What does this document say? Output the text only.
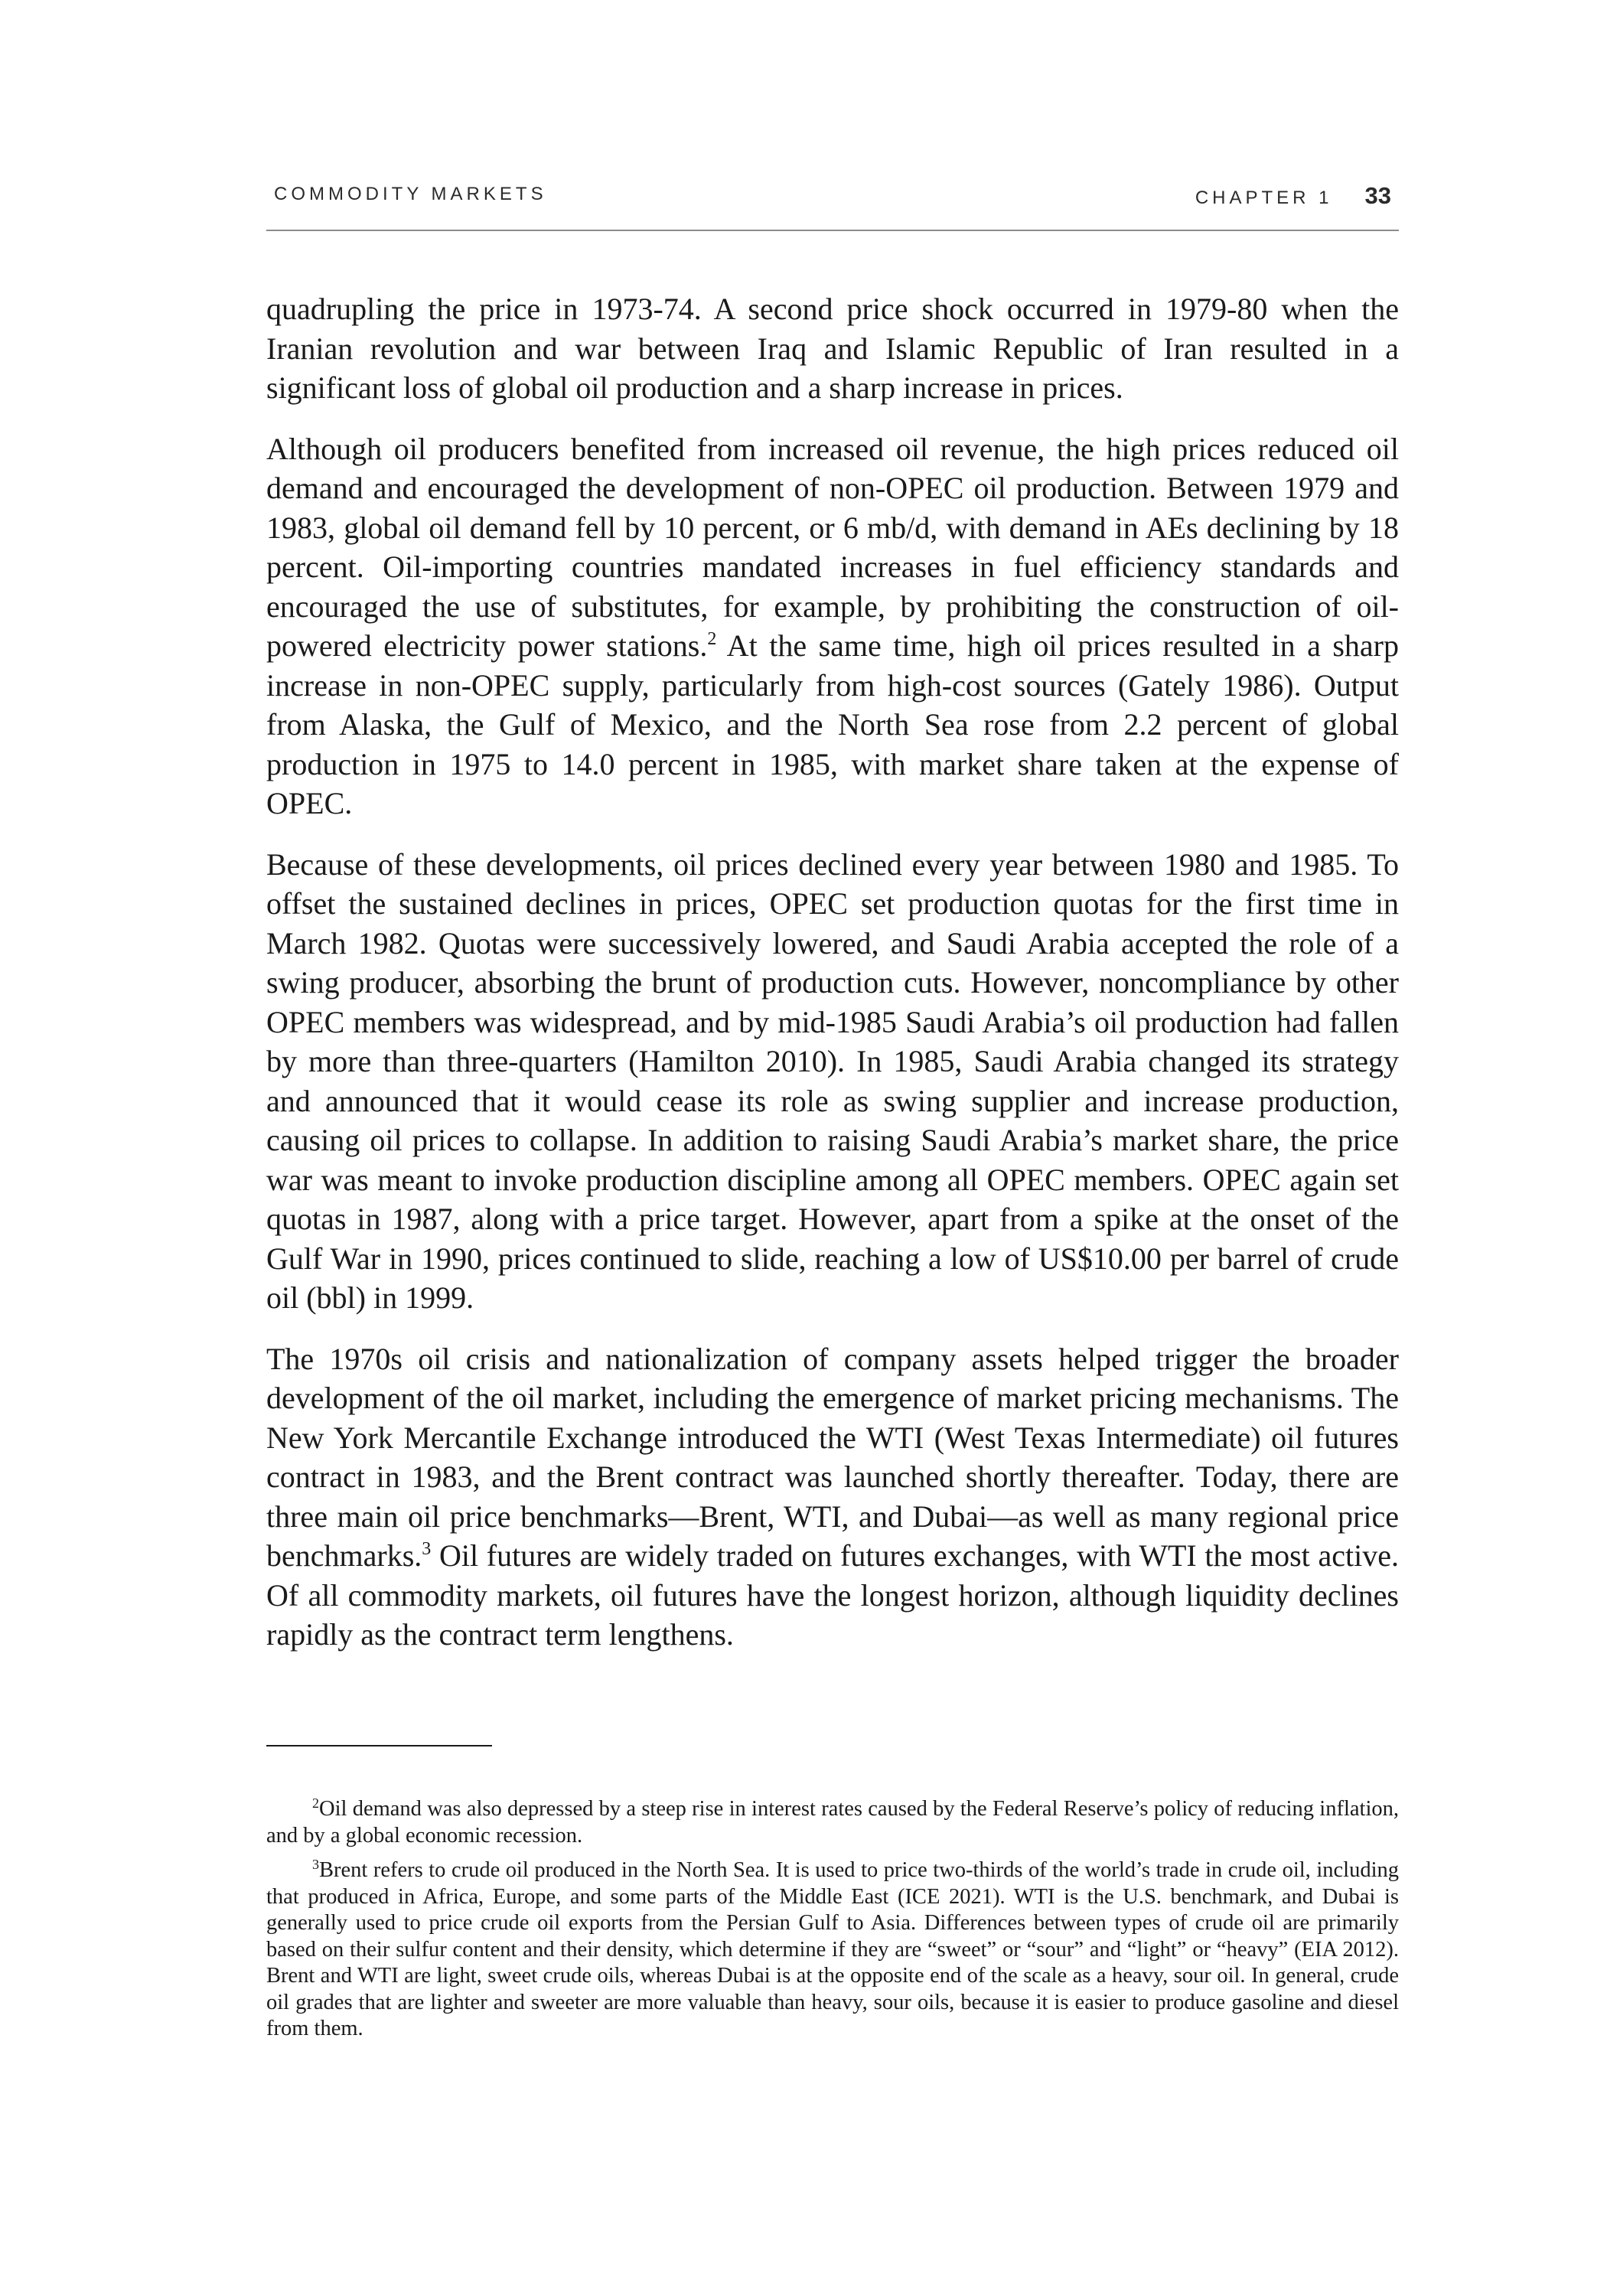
COMMODITY MARKETS	CHAPTER 1 33

quadrupling the price in 1973-74. A second price shock occurred in 1979-80 when the Iranian revolution and war between Iraq and Islamic Republic of Iran resulted in a significant loss of global oil production and a sharp increase in prices.

Although oil producers benefited from increased oil revenue, the high prices reduced oil demand and encouraged the development of non-OPEC oil production. Between 1979 and 1983, global oil demand fell by 10 percent, or 6 mb/d, with demand in AEs declining by 18 percent. Oil-importing countries mandated increases in fuel efficiency standards and encouraged the use of substitutes, for example, by prohibiting the construction of oil-powered electricity power stations.$^2$ At the same time, high oil prices resulted in a sharp increase in non-OPEC supply, particularly from high-cost sources (Gately 1986). Output from Alaska, the Gulf of Mexico, and the North Sea rose from 2.2 percent of global production in 1975 to 14.0 percent in 1985, with market share taken at the expense of OPEC.

Because of these developments, oil prices declined every year between 1980 and 1985. To offset the sustained declines in prices, OPEC set production quotas for the first time in March 1982. Quotas were successively lowered, and Saudi Arabia accepted the role of a swing producer, absorbing the brunt of production cuts. However, noncompliance by other OPEC members was widespread, and by mid-1985 Saudi Arabia’s oil production had fallen by more than three-quarters (Hamilton 2010). In 1985, Saudi Arabia changed its strategy and announced that it would cease its role as swing supplier and increase production, causing oil prices to collapse. In addition to raising Saudi Arabia’s market share, the price war was meant to invoke production discipline among all OPEC members. OPEC again set quotas in 1987, along with a price target. However, apart from a spike at the onset of the Gulf War in 1990, prices continued to slide, reaching a low of US$10.00 per barrel of crude oil (bbl) in 1999.

The 1970s oil crisis and nationalization of company assets helped trigger the broader development of the oil market, including the emergence of market pricing mechanisms. The New York Mercantile Exchange introduced the WTI (West Texas Intermediate) oil futures contract in 1983, and the Brent contract was launched shortly thereafter. Today, there are three main oil price benchmarks—Brent, WTI, and Dubai—as well as many regional price benchmarks.$^3$ Oil futures are widely traded on futures exchanges, with WTI the most active. Of all commodity markets, oil futures have the longest horizon, although liquidity declines rapidly as the contract term lengthens.

$^2$Oil demand was also depressed by a steep rise in interest rates caused by the Federal Reserve’s policy of reducing inflation, and by a global economic recession.

$^3$Brent refers to crude oil produced in the North Sea. It is used to price two-thirds of the world’s trade in crude oil, including that produced in Africa, Europe, and some parts of the Middle East (ICE 2021). WTI is the U.S. benchmark, and Dubai is generally used to price crude oil exports from the Persian Gulf to Asia. Differences between types of crude oil are primarily based on their sulfur content and their density, which determine if they are “sweet” or “sour” and “light” or “heavy” (EIA 2012). Brent and WTI are light, sweet crude oils, whereas Dubai is at the opposite end of the scale as a heavy, sour oil. In general, crude oil grades that are lighter and sweeter are more valuable than heavy, sour oils, because it is easier to produce gasoline and diesel from them.
